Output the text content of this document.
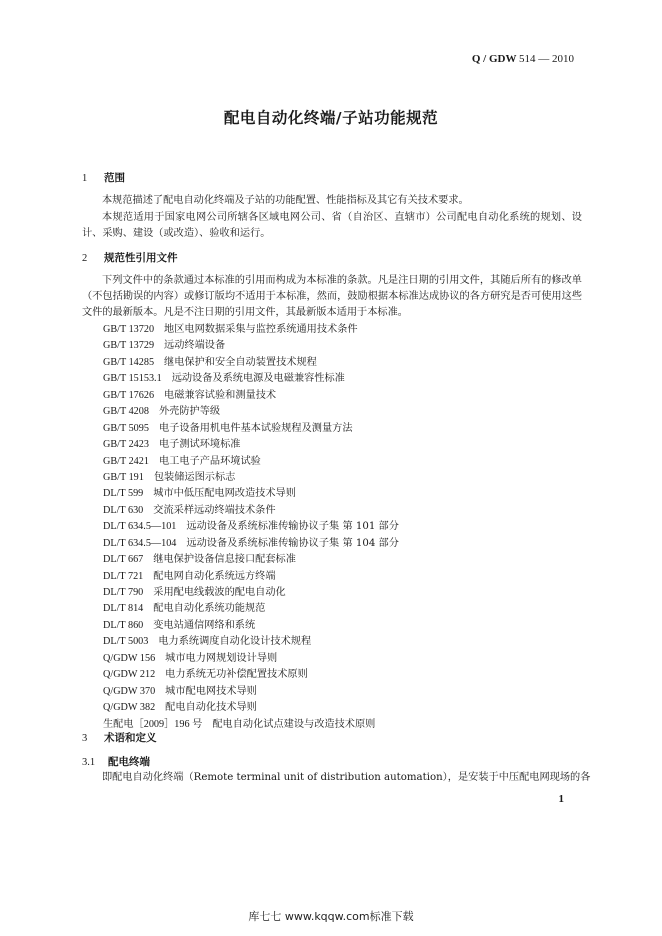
Q / GDW 514 — 2010
配电自动化终端/子站功能规范
1 范围
本规范描述了配电自动化终端及子站的功能配置、性能指标及其它有关技术要求。
本规范适用于国家电网公司所辖各区域电网公司、省（自治区、直辖市）公司配电自动化系统的规划、设计、采购、建设（或改造）、验收和运行。
2 规范性引用文件
下列文件中的条款通过本标准的引用而构成为本标准的条款。凡是注日期的引用文件，其随后所有的修改单（不包括勘误的内容）或修订版均不适用于本标准，然而，鼓励根据本标准达成协议的各方研究是否可使用这些文件的最新版本。凡是不注日期的引用文件，其最新版本适用于本标准。
GB/T 13720 地区电网数据采集与监控系统通用技术条件
GB/T 13729 远动终端设备
GB/T 14285 继电保护和安全自动装置技术规程
GB/T 15153.1 远动设备及系统电源及电磁兼容性标准
GB/T 17626 电磁兼容试验和测量技术
GB/T 4208 外壳防护等级
GB/T 5095 电子设备用机电件基本试验规程及测量方法
GB/T 2423 电子测试环境标准
GB/T 2421 电工电子产品环境试验
GB/T 191 包装储运图示标志
DL/T 599 城市中低压配电网改造技术导则
DL/T 630 交流采样远动终端技术条件
DL/T 634.5—101 远动设备及系统标准传输协议子集 第 101 部分
DL/T 634.5—104 远动设备及系统标准传输协议子集 第 104 部分
DL/T 667 继电保护设备信息接口配套标准
DL/T 721 配电网自动化系统远方终端
DL/T 790 采用配电线载波的配电自动化
DL/T 814 配电自动化系统功能规范
DL/T 860 变电站通信网络和系统
DL/T 5003 电力系统调度自动化设计技术规程
Q/GDW 156 城市电力网规划设计导则
Q/GDW 212 电力系统无功补偿配置技术原则
Q/GDW 370 城市配电网技术导则
Q/GDW 382 配电自动化技术导则
生配电［2009］196 号 配电自动化试点建设与改造技术原则
3 术语和定义
3.1 配电终端
即配电自动化终端（Remote terminal unit of distribution automation），是安装于中压配电网现场的各
1
库七七 www.kqqw.com标准下载
